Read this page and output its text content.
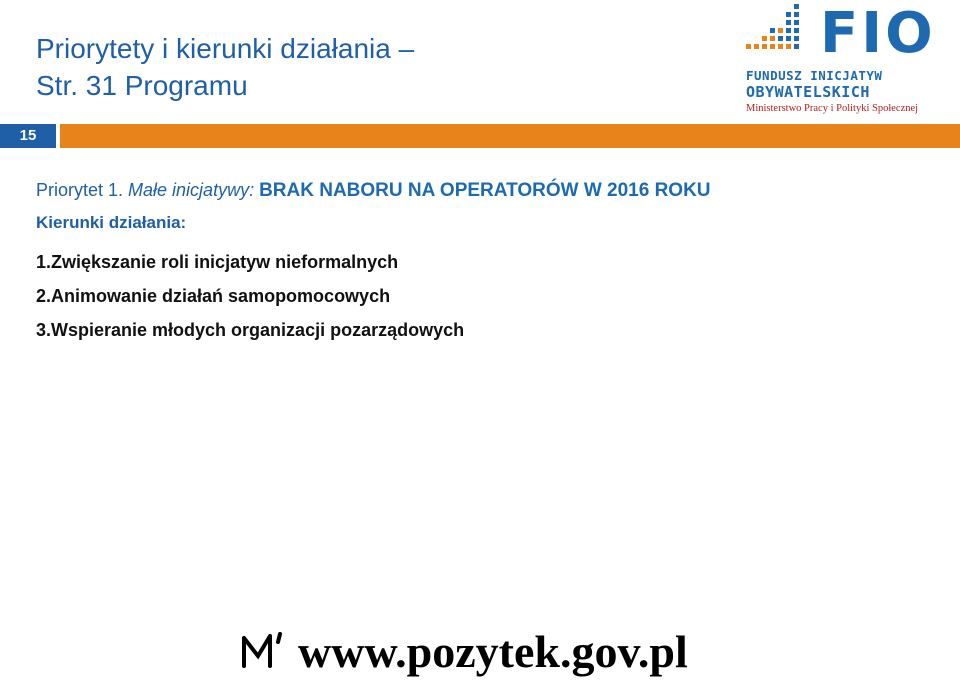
Priorytety i kierunki działania –
Str. 31 Programu
FIO
FUNDUSZ INICJATYW
OBYWATELSKICH
Ministerstwo Pracy i Polityki Społecznej
15
Priorytet 1. Małe inicjatywy: BRAK NABORU NA OPERATORÓW W 2016 ROKU
Kierunki działania:
1.Zwiększanie roli inicjatyw nieformalnych
2.Animowanie działań samopomocowych
3.Wspieranie młodych organizacji pozarządowych
www.pozytek.gov.pl
